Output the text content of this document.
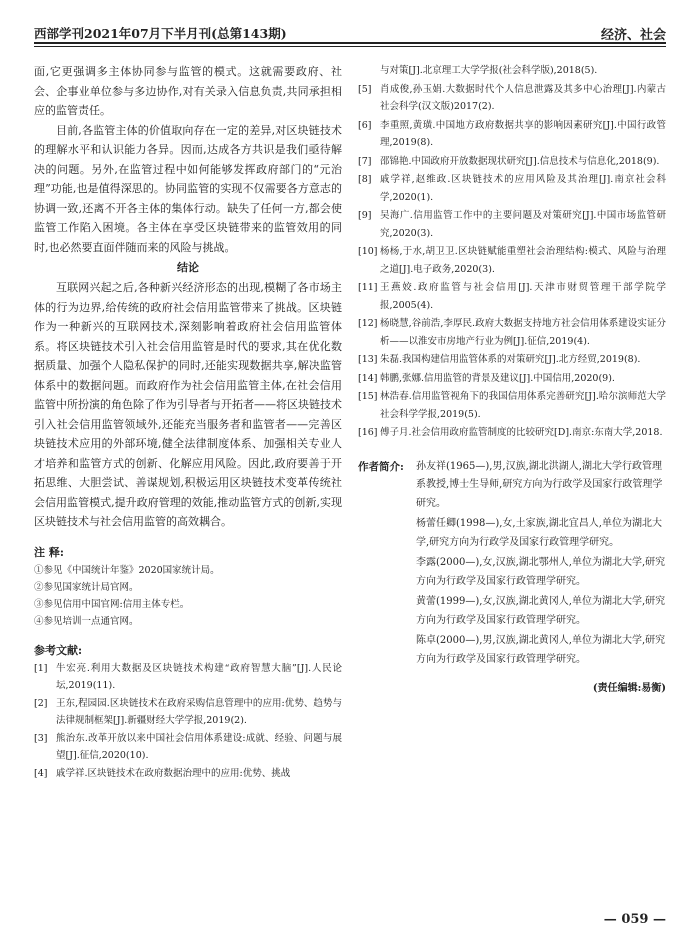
西部学刊2021年07月下半月刊(总第143期)	经济、社会

面,它更强调多主体协同参与监管的模式。这就需要政府、社会、企事业单位参与多边协作,对有关录入信息负责,共同承担相应的监管责任。

目前,各监管主体的价值取向存在一定的差异,对区块链技术的理解水平和认识能力各异。因而,达成各方共识是我们亟待解决的问题。另外,在监管过程中如何能够发挥政府部门的“元治理”功能,也是值得深思的。协同监管的实现不仅需要各方意志的协调一致,还离不开各主体的集体行动。缺失了任何一方,都会使监管工作陷入困境。各主体在享受区块链带来的监管效用的同时,也必然要直面伴随而来的风险与挑战。

结论

互联网兴起之后,各种新兴经济形态的出现,模糊了各市场主体的行为边界,给传统的政府社会信用监管带来了挑战。区块链作为一种新兴的互联网技术,深刻影响着政府社会信用监管体系。将区块链技术引入社会信用监管是时代的要求,其在优化数据质量、加强个人隐私保护的同时,还能实现数据共享,解决监管体系中的数据问题。而政府作为社会信用监管主体,在社会信用监管中所扮演的角色除了作为引导者与开拓者——将区块链技术引入社会信用监管领域外,还能充当服务者和监管者——完善区块链技术应用的外部环境,健全法律制度体系、加强相关专业人才培养和监管方式的创新、化解应用风险。因此,政府要善于开拓思维、大胆尝试、善谋规划,积极运用区块链技术变革传统社会信用监管模式,提升政府管理的效能,推动监管方式的创新,实现区块链技术与社会信用监管的高效耦合。

注 释:
①参见《中国统计年鉴》2020国家统计局。
②参见国家统计局官网。
③参见信用中国官网:信用主体专栏。
④参见培训一点通官网。
参考文献:
[1] 牛宏亮.利用大数据及区块链技术构建“政府智慧大脑”[J].人民论坛,2019(11).
[2] 王东,程园园.区块链技术在政府采购信息管理中的应用:优势、趋势与法律规制框架[J].新疆财经大学学报,2019(2).
[3] 熊治东.改革开放以来中国社会信用体系建设:成就、经验、问题与展望[J].征信,2020(10).
[4] 戚学祥.区块链技术在政府数据治理中的应用:优势、挑战
与对策[J].北京理工大学学报(社会科学版),2018(5).
[5] 肖成俊,孙玉娟.大数据时代个人信息泄露及其多中心治理[J].内蒙古社会科学(汉文版)2017(2).
[6] 李重照,黄璜.中国地方政府数据共享的影响因素研究[J].中国行政管理,2019(8).
[7] 邵锦艳.中国政府开放数据现状研究[J].信息技术与信息化,2018(9).
[8] 戚学祥,赵维政.区块链技术的应用风险及其治理[J].南京社会科学,2020(1).
[9] 吴海广.信用监管工作中的主要问题及对策研究[J].中国市场监管研究,2020(3).
[10] 杨杨,于水,胡卫卫.区块链赋能重塑社会治理结构:模式、风险与治理之道[J].电子政务,2020(3).
[11] 王燕姣.政府监管与社会信用[J].天津市财贸管理干部学院学报,2005(4).
[12] 杨晓慧,谷前浩,李厚民.政府大数据支持地方社会信用体系建设实证分析——以淮安市房地产行业为例[J].征信,2019(4).
[13] 朱磊.我国构建信用监管体系的对策研究[J].北方经贸,2019(8).
[14] 韩鹏,张娜.信用监管的背景及建议[J].中国信用,2020(9).
[15] 林浩春.信用监管视角下的我国信用体系完善研究[J].哈尔滨师范大学社会科学学报,2019(5).
[16] 傅子月.社会信用政府监管制度的比较研究[D].南京:东南大学,2018.
作者简介:	孙友祥(1965—),男,汉族,湖北洪湖人,湖北大学行政管理系教授,博士生导师,研究方向为行政学及国家行政管理学研究。

杨蕾任卿(1998—),女,土家族,湖北宜昌人,单位为湖北大学,研究方向为行政学及国家行政管理学研究。

李露(2000—),女,汉族,湖北鄂州人,单位为湖北大学,研究方向为行政学及国家行政管理学研究。

黄蕾(1999—),女,汉族,湖北黄冈人,单位为湖北大学,研究方向为行政学及国家行政管理学研究。

陈卓(2000—),男,汉族,湖北黄冈人,单位为湖北大学,研究方向为行政学及国家行政管理学研究。

(责任编辑:易衡)
— 059 —
